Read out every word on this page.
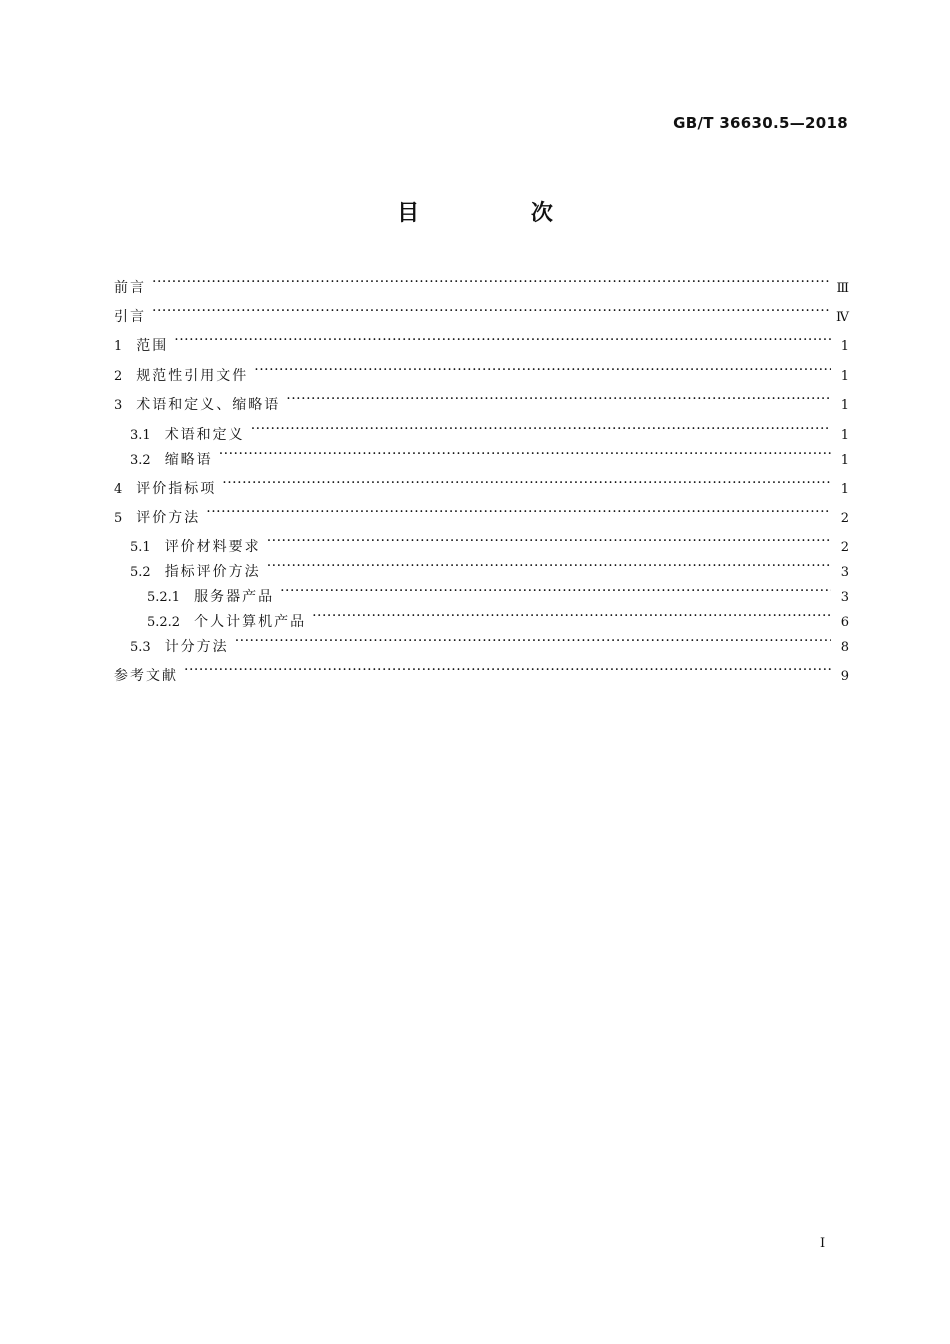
GB/T 36630.5—2018
目 次
前言 ·····	Ⅲ
引言 ·····	Ⅳ
1 范围 ·····	1
2 规范性引用文件 ·····	1
3 术语和定义、缩略语 ·····	1
3.1 术语和定义 ·····	1
3.2 缩略语 ·····	1
4 评价指标项 ·····	1
5 评价方法 ·····	2
5.1 评价材料要求 ·····	2
5.2 指标评价方法 ·····	3
5.2.1 服务器产品 ·····	3
5.2.2 个人计算机产品 ·····	6
5.3 计分方法 ·····	8
参考文献 ·····	9
I
